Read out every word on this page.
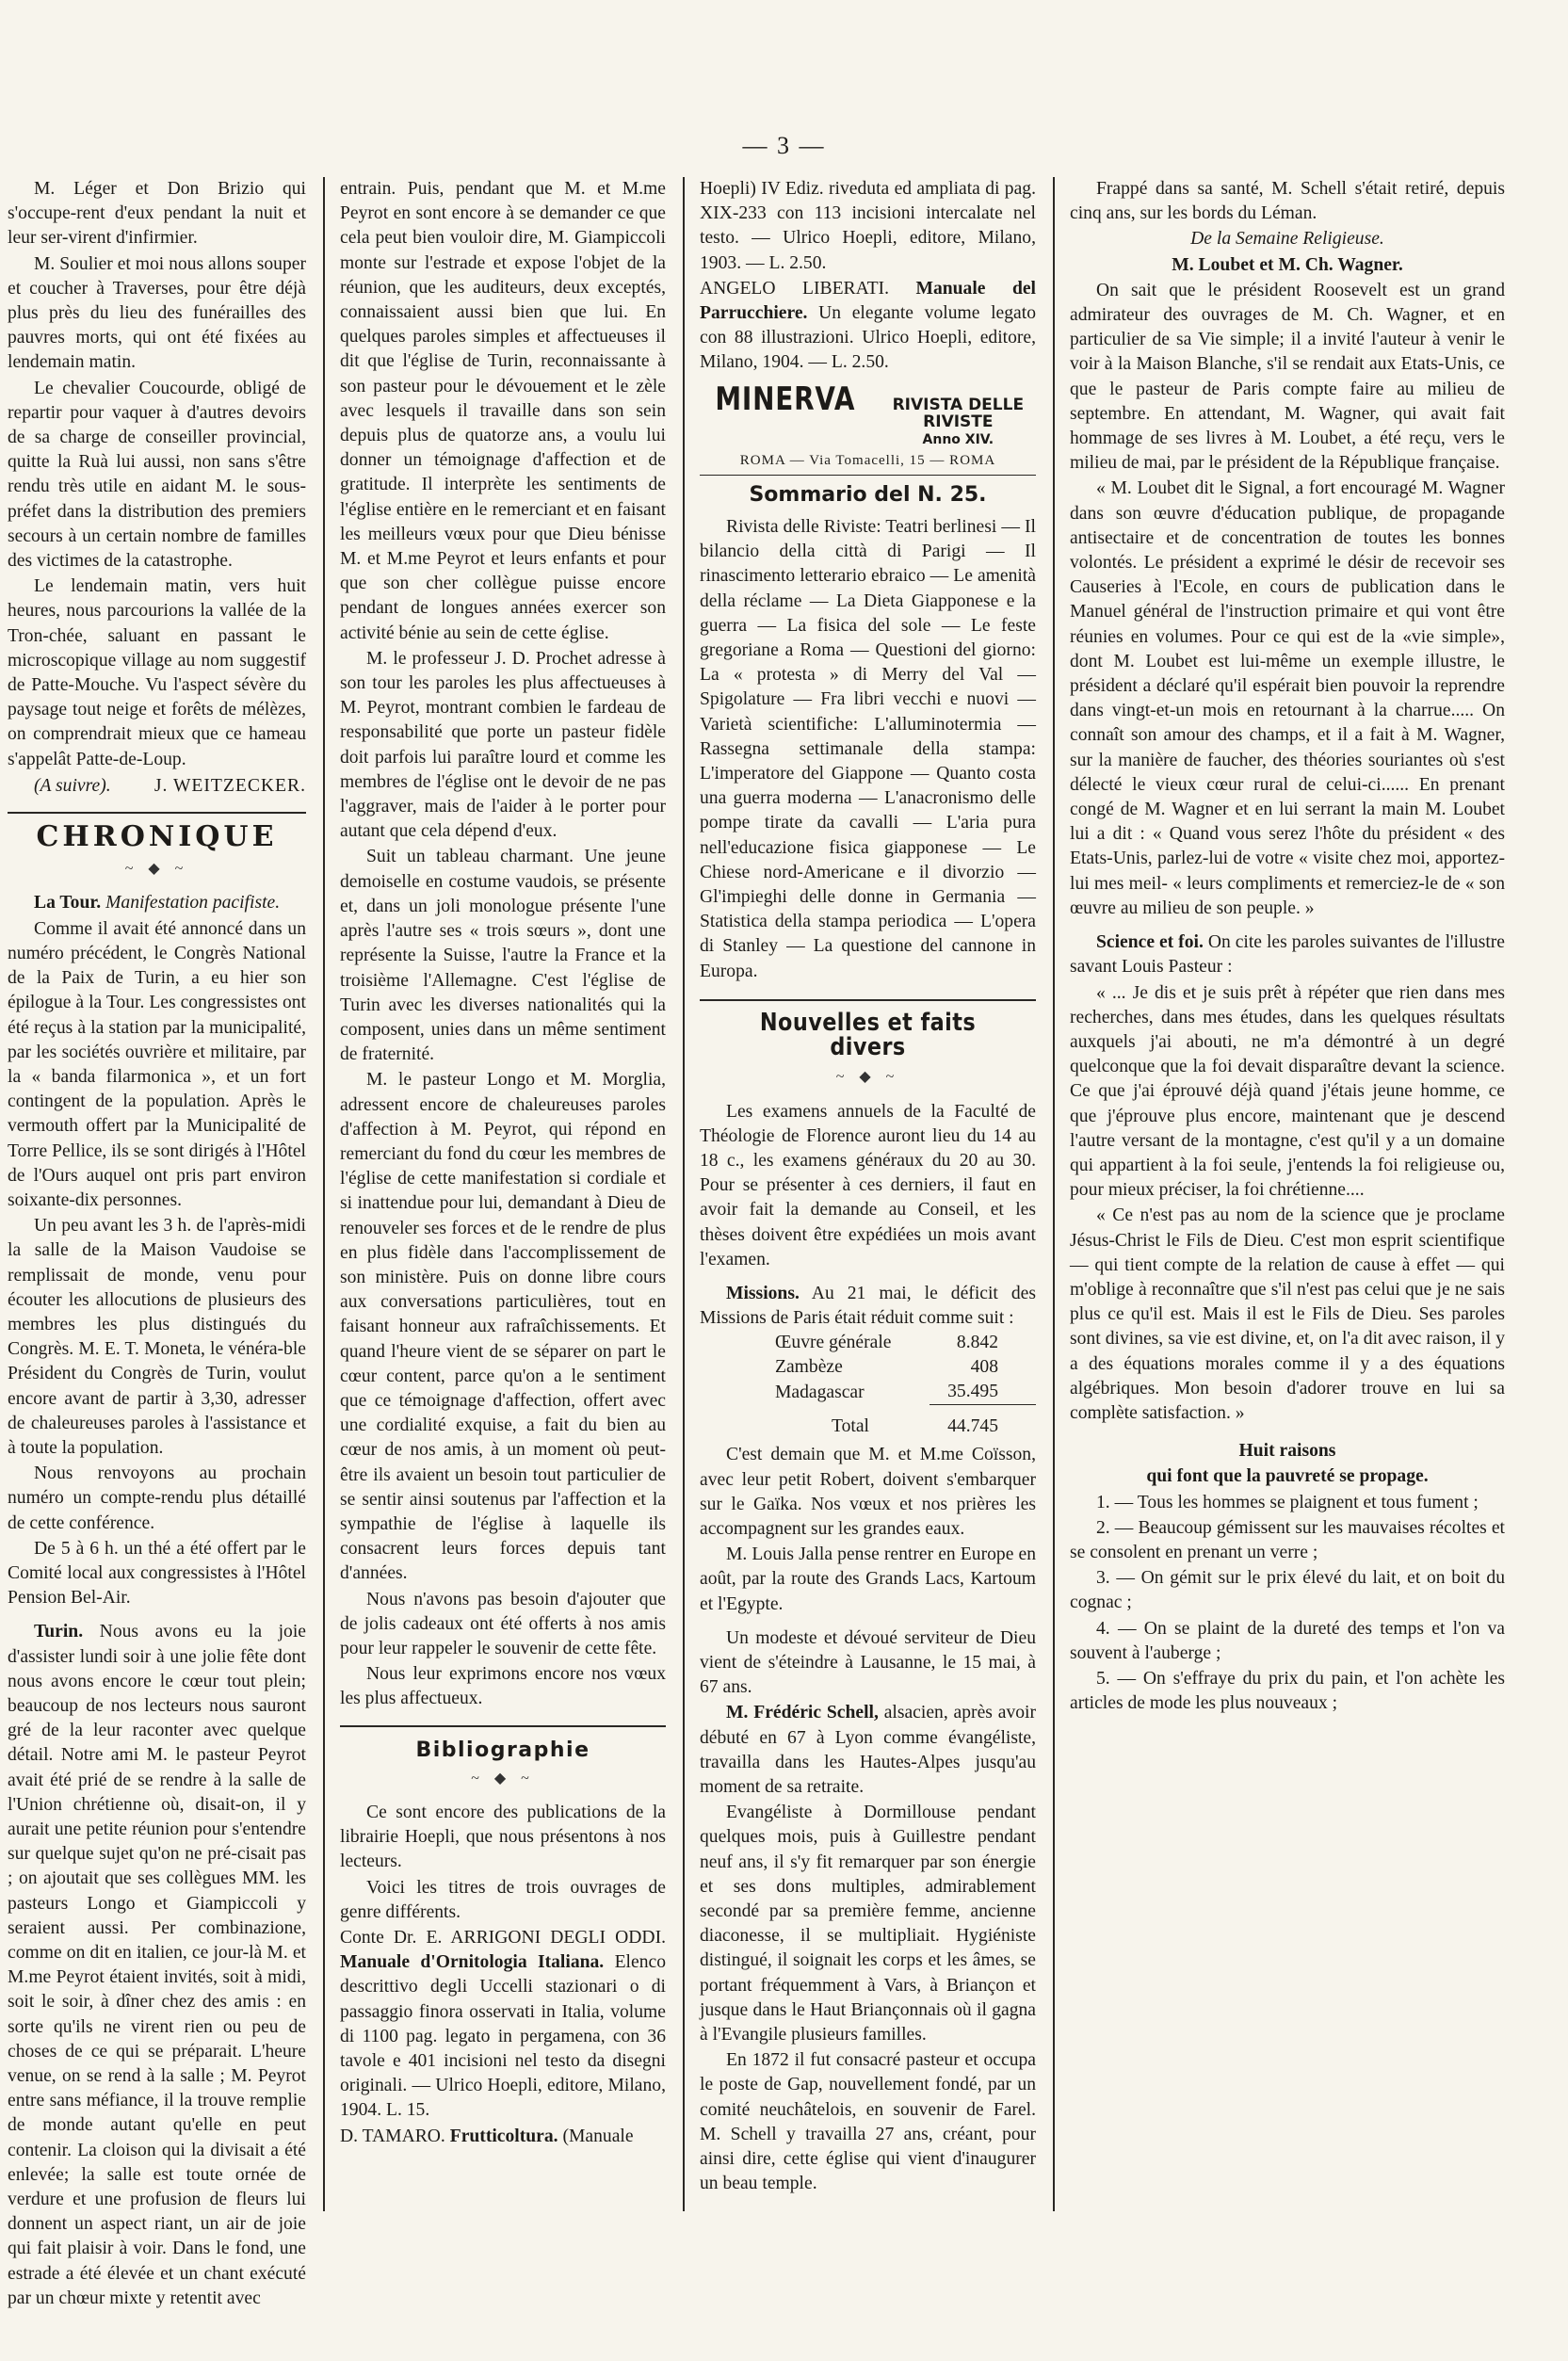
— 3 —

M. Léger et Don Brizio qui s'occupe-rent d'eux pendant la nuit et leur ser-virent d'infirmier.

M. Soulier et moi nous allons souper et coucher à Traverses, pour être déjà plus près du lieu des funérailles des pauvres morts, qui ont été fixées au lendemain matin.

Le chevalier Coucourde, obligé de repartir pour vaquer à d'autres devoirs de sa charge de conseiller provincial, quitte la Ruà lui aussi, non sans s'être rendu très utile en aidant M. le sous-préfet dans la distribution des premiers secours à un certain nombre de familles des victimes de la catastrophe.

Le lendemain matin, vers huit heures, nous parcourions la vallée de la Tron-chée, saluant en passant le microscopique village au nom suggestif de Patte-Mouche. Vu l'aspect sévère du paysage tout neige et forêts de mélèzes, on comprendrait mieux que ce hameau s'appelât Patte-de-Loup.

(A suivre). J. WEITZECKER.
CHRONIQUE
~ ◆ ~

La Tour. Manifestation pacifiste.

Comme il avait été annoncé dans un numéro précédent, le Congrès National de la Paix de Turin, a eu hier son épilogue à la Tour. Les congressistes ont été reçus à la station par la municipalité, par les sociétés ouvrière et militaire, par la « banda filarmonica », et un fort contingent de la population. Après le vermouth offert par la Municipalité de Torre Pellice, ils se sont dirigés à l'Hôtel de l'Ours auquel ont pris part environ soixante-dix personnes.

Un peu avant les 3 h. de l'après-midi la salle de la Maison Vaudoise se remplissait de monde, venu pour écouter les allocutions de plusieurs des membres les plus distingués du Congrès. M. E. T. Moneta, le vénéra-ble Président du Congrès de Turin, voulut encore avant de partir à 3,30, adresser de chaleureuses paroles à l'assistance et à toute la population.

Nous renvoyons au prochain numéro un compte-rendu plus détaillé de cette conférence.

De 5 à 6 h. un thé a été offert par le Comité local aux congressistes à l'Hôtel Pension Bel-Air.

Turin. Nous avons eu la joie d'assister lundi soir à une jolie fête dont nous avons encore le cœur tout plein; beaucoup de nos lecteurs nous sauront gré de la leur raconter avec quelque détail. Notre ami M. le pasteur Peyrot avait été prié de se rendre à la salle de l'Union chrétienne où, disait-on, il y aurait une petite réunion pour s'entendre sur quelque sujet qu'on ne pré-cisait pas ; on ajoutait que ses collègues MM. les pasteurs Longo et Giampiccoli y seraient aussi. Per combinazione, comme on dit en italien, ce jour-là M. et M.me Peyrot étaient invités, soit à midi, soit le soir, à dîner chez des amis : en sorte qu'ils ne virent rien ou peu de choses de ce qui se préparait. L'heure venue, on se rend à la salle ; M. Peyrot entre sans méfiance, il la trouve remplie de monde autant qu'elle en peut contenir. La cloison qui la divisait a été enlevée; la salle est toute ornée de verdure et une profusion de fleurs lui donnent un aspect riant, un air de joie qui fait plaisir à voir. Dans le fond, une estrade a été élevée et un chant exécuté par un chœur mixte y retentit avec

entrain. Puis, pendant que M. et M.me Peyrot en sont encore à se demander ce que cela peut bien vouloir dire, M. Giampiccoli monte sur l'estrade et expose l'objet de la réunion, que les auditeurs, deux exceptés, connaissaient aussi bien que lui. En quelques paroles simples et affectueuses il dit que l'église de Turin, reconnaissante à son pasteur pour le dévouement et le zèle avec lesquels il travaille dans son sein depuis plus de quatorze ans, a voulu lui donner un témoignage d'affection et de gratitude. Il interprète les sentiments de l'église entière en le remerciant et en faisant les meilleurs vœux pour que Dieu bénisse M. et M.me Peyrot et leurs enfants et pour que son cher collègue puisse encore pendant de longues années exercer son activité bénie au sein de cette église.

M. le professeur J. D. Prochet adresse à son tour les paroles les plus affectueuses à M. Peyrot, montrant combien le fardeau de responsabilité que porte un pasteur fidèle doit parfois lui paraître lourd et comme les membres de l'église ont le devoir de ne pas l'aggraver, mais de l'aider à le porter pour autant que cela dépend d'eux.

Suit un tableau charmant. Une jeune demoiselle en costume vaudois, se présente et, dans un joli monologue présente l'une après l'autre ses « trois sœurs », dont une représente la Suisse, l'autre la France et la troisième l'Allemagne. C'est l'église de Turin avec les diverses nationalités qui la composent, unies dans un même sentiment de fraternité.

M. le pasteur Longo et M. Morglia, adressent encore de chaleureuses paroles d'affection à M. Peyrot, qui répond en remerciant du fond du cœur les membres de l'église de cette manifestation si cordiale et si inattendue pour lui, demandant à Dieu de renouveler ses forces et de le rendre de plus en plus fidèle dans l'accomplissement de son ministère. Puis on donne libre cours aux conversations particulières, tout en faisant honneur aux rafraîchissements. Et quand l'heure vient de se séparer on part le cœur content, parce qu'on a le sentiment que ce témoignage d'affection, offert avec une cordialité exquise, a fait du bien au cœur de nos amis, à un moment où peut-être ils avaient un besoin tout particulier de se sentir ainsi soutenus par l'affection et la sympathie de l'église à laquelle ils consacrent leurs forces depuis tant d'années.

Nous n'avons pas besoin d'ajouter que de jolis cadeaux ont été offerts à nos amis pour leur rappeler le souvenir de cette fête.

Nous leur exprimons encore nos vœux les plus affectueux.

Bibliographie
~ ◆ ~

Ce sont encore des publications de la librairie Hoepli, que nous présentons à nos lecteurs.

Voici les titres de trois ouvrages de genre différents.

Conte Dr. E. ARRIGONI DEGLI ODDI. Manuale d'Ornitologia Italiana. Elenco descrittivo degli Uccelli stazionari o di passaggio finora osservati in Italia, volume di 1100 pag. legato in pergamena, con 36 tavole e 401 incisioni nel testo da disegni originali. — Ulrico Hoepli, editore, Milano, 1904. L. 15.

D. TAMARO. Frutticoltura. (Manuale

Hoepli) IV Ediz. riveduta ed ampliata di pag. XIX-233 con 113 incisioni intercalate nel testo. — Ulrico Hoepli, editore, Milano, 1903. — L. 2.50.

ANGELO LIBERATI. Manuale del Parrucchiere. Un elegante volume legato con 88 illustrazioni. Ulrico Hoepli, editore, Milano, 1904. — L. 2.50.

MINERVA	RIVISTA DELLE RIVISTE
Anno XIV.

ROMA — Via Tomacelli, 15 — ROMA

Sommario del N. 25.

Rivista delle Riviste: Teatri berlinesi — Il bilancio della città di Parigi — Il rinascimento letterario ebraico — Le amenità della réclame — La Dieta Giapponese e la guerra — La fisica del sole — Le feste gregoriane a Roma — Questioni del giorno: La « protesta » di Merry del Val — Spigolature — Fra libri vecchi e nuovi — Varietà scientifiche: L'alluminotermia — Rassegna settimanale della stampa: L'imperatore del Giappone — Quanto costa una guerra moderna — L'anacronismo delle pompe tirate da cavalli — L'aria pura nell'educazione fisica giapponese — Le Chiese nord-Americane e il divorzio — Gl'impieghi delle donne in Germania — Statistica della stampa periodica — L'opera di Stanley — La questione del cannone in Europa.

Nouvelles et faits divers
~ ◆ ~

Les examens annuels de la Faculté de Théologie de Florence auront lieu du 14 au 18 c., les examens généraux du 20 au 30. Pour se présenter à ces derniers, il faut en avoir fait la demande au Conseil, et les thèses doivent être expédiées un mois avant l'examen.

Missions. Au 21 mai, le déficit des Missions de Paris était réduit comme suit :

Œuvre générale	8.842
Zambèze	408
Madagascar	35.495
Total	44.745

C'est demain que M. et M.me Coïsson, avec leur petit Robert, doivent s'embarquer sur le Gaïka. Nos vœux et nos prières les accompagnent sur les grandes eaux.

M. Louis Jalla pense rentrer en Europe en août, par la route des Grands Lacs, Kartoum et l'Egypte.

Un modeste et dévoué serviteur de Dieu vient de s'éteindre à Lausanne, le 15 mai, à 67 ans.

M. Frédéric Schell, alsacien, après avoir débuté en 67 à Lyon comme évangéliste, travailla dans les Hautes-Alpes jusqu'au moment de sa retraite.

Evangéliste à Dormillouse pendant quelques mois, puis à Guillestre pendant neuf ans, il s'y fit remarquer par son énergie et ses dons multiples, admirablement secondé par sa première femme, ancienne diaconesse, il se multipliait. Hygiéniste distingué, il soignait les corps et les âmes, se portant fréquemment à Vars, à Briançon et jusque dans le Haut Briançonnais où il gagna à l'Evangile plusieurs familles.

En 1872 il fut consacré pasteur et occupa le poste de Gap, nouvellement fondé, par un comité neuchâtelois, en souvenir de Farel. M. Schell y travailla 27 ans, créant, pour ainsi dire, cette église qui vient d'inaugurer un beau temple.

Frappé dans sa santé, M. Schell s'était retiré, depuis cinq ans, sur les bords du Léman.

De la Semaine Religieuse.

M. Loubet et M. Ch. Wagner.

On sait que le président Roosevelt est un grand admirateur des ouvrages de M. Ch. Wagner, et en particulier de sa Vie simple; il a invité l'auteur à venir le voir à la Maison Blanche, s'il se rendait aux Etats-Unis, ce que le pasteur de Paris compte faire au milieu de septembre. En attendant, M. Wagner, qui avait fait hommage de ses livres à M. Loubet, a été reçu, vers le milieu de mai, par le président de la République française.

« M. Loubet dit le Signal, a fort encouragé M. Wagner dans son œuvre d'éducation publique, de propagande antisectaire et de concentration de toutes les bonnes volontés. Le président a exprimé le désir de recevoir ses Causeries à l'Ecole, en cours de publication dans le Manuel général de l'instruction primaire et qui vont être réunies en volumes. Pour ce qui est de la «vie simple», dont M. Loubet est lui-même un exemple illustre, le président a déclaré qu'il espérait bien pouvoir la reprendre dans vingt-et-un mois en retournant à la charrue..... On connaît son amour des champs, et il a fait à M. Wagner, sur la manière de faucher, des théories souriantes où s'est délecté le vieux cœur rural de celui-ci...... En prenant congé de M. Wagner et en lui serrant la main M. Loubet lui a dit : « Quand vous serez l'hôte du président « des Etats-Unis, parlez-lui de votre « visite chez moi, apportez-lui mes meil- « leurs compliments et remerciez-le de « son œuvre au milieu de son peuple. »

Science et foi. On cite les paroles suivantes de l'illustre savant Louis Pasteur :

« ... Je dis et je suis prêt à répéter que rien dans mes recherches, dans mes études, dans les quelques résultats auxquels j'ai abouti, ne m'a démontré à un degré quelconque que la foi devait disparaître devant la science. Ce que j'ai éprouvé déjà quand j'étais jeune homme, ce que j'éprouve plus encore, maintenant que je descend l'autre versant de la montagne, c'est qu'il y a un domaine qui appartient à la foi seule, j'entends la foi religieuse ou, pour mieux préciser, la foi chrétienne....

« Ce n'est pas au nom de la science que je proclame Jésus-Christ le Fils de Dieu. C'est mon esprit scientifique — qui tient compte de la relation de cause à effet — qui m'oblige à reconnaître que s'il n'est pas celui que je ne sais plus ce qu'il est. Mais il est le Fils de Dieu. Ses paroles sont divines, sa vie est divine, et, on l'a dit avec raison, il y a des équations morales comme il y a des équations algébriques. Mon besoin d'adorer trouve en lui sa complète satisfaction. »

Huit raisons

qui font que la pauvreté se propage.

1. — Tous les hommes se plaignent et tous fument ;

2. — Beaucoup gémissent sur les mauvaises récoltes et se consolent en prenant un verre ;

3. — On gémit sur le prix élevé du lait, et on boit du cognac ;

4. — On se plaint de la dureté des temps et l'on va souvent à l'auberge ;

5. — On s'effraye du prix du pain, et l'on achète les articles de mode les plus nouveaux ;
